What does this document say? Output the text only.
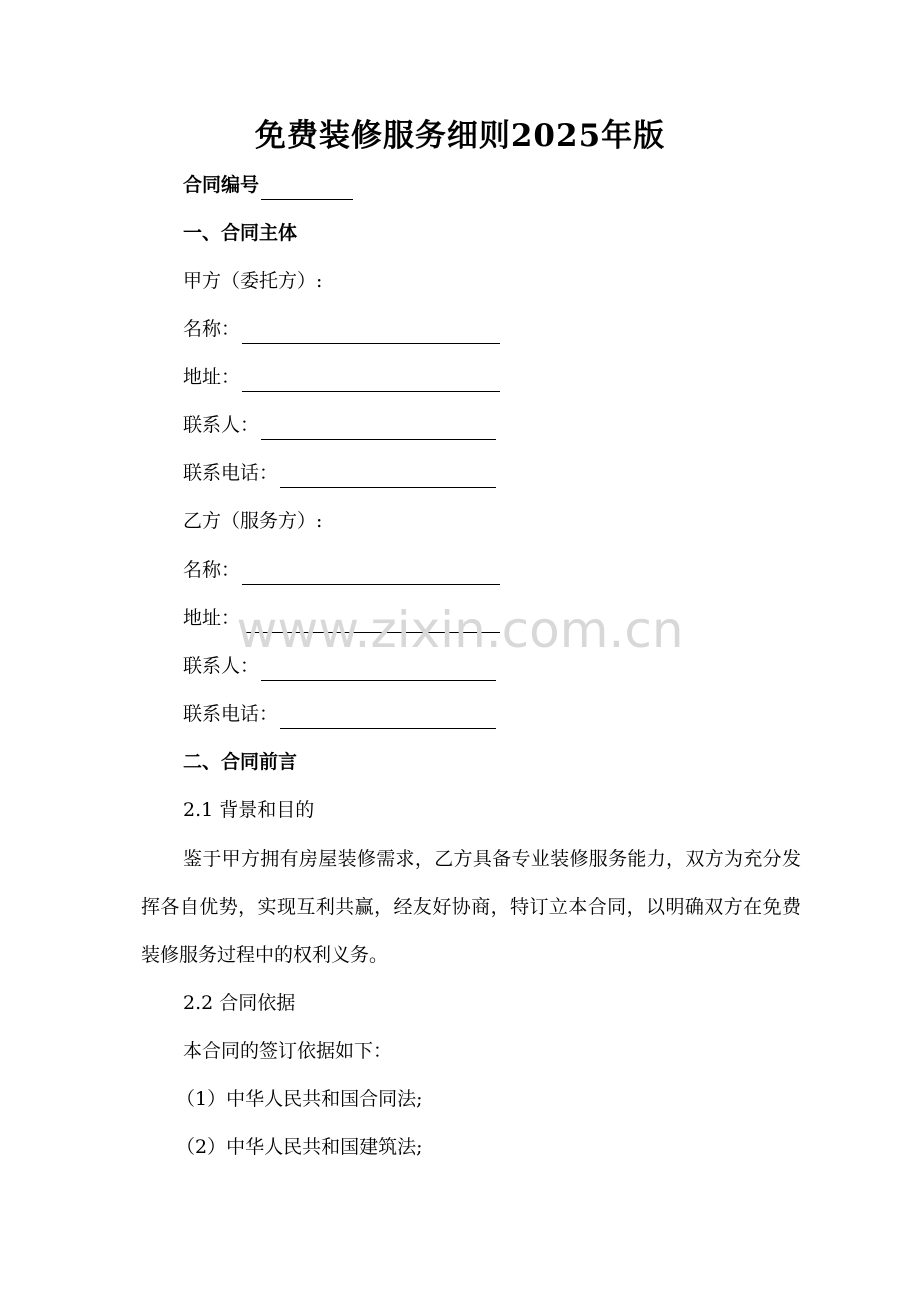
免费装修服务细则2025年版
合同编号
一、合同主体
甲方（委托方）:
名称：
地址：
联系人：
联系电话：
乙方（服务方）:
名称：
地址：
联系人：
联系电话：
二、合同前言
2.1 背景和目的
鉴于甲方拥有房屋装修需求，乙方具备专业装修服务能力，双方为充分发挥各自优势，实现互利共赢，经友好协商，特订立本合同，以明确双方在免费装修服务过程中的权利义务。
2.2 合同依据
本合同的签订依据如下：
（1）中华人民共和国合同法;
（2）中华人民共和国建筑法;
www.zixin.com.cn
